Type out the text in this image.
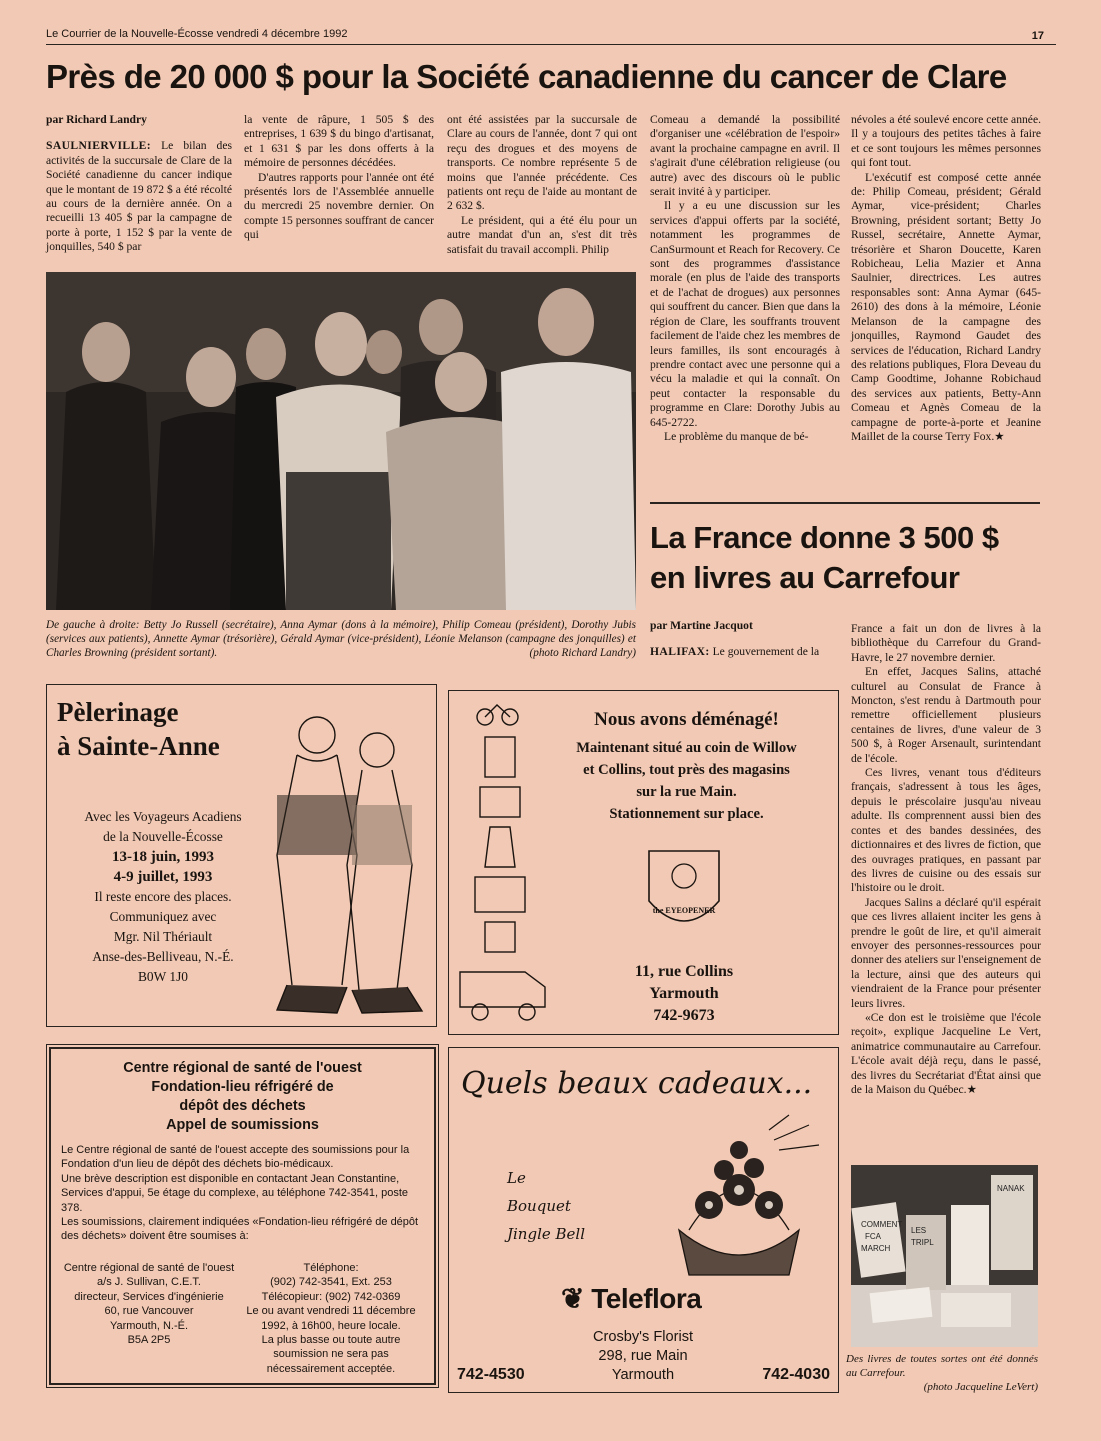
Le Courrier de la Nouvelle-Écosse vendredi 4 décembre 1992	17
Près de 20 000 $ pour la Société canadienne du cancer de Clare

par Richard Landry

SAULNIERVILLE: Le bilan des activités de la succursale de Clare de la Société canadienne du cancer indique que le montant de 19 872 $ a été récolté au cours de la dernière année. On a recueilli 13 405 $ par la campagne de porte à porte, 1 152 $ par la vente de jonquilles, 540 $ par

la vente de râpure, 1 505 $ des entreprises, 1 639 $ du bingo d'artisanat, et 1 631 $ par les dons offerts à la mémoire de personnes décédées.

D'autres rapports pour l'année ont été présentés lors de l'Assemblée annuelle du mercredi 25 novembre dernier. On compte 15 personnes souffrant de cancer qui

ont été assistées par la succursale de Clare au cours de l'année, dont 7 qui ont reçu des drogues et des moyens de transports. Ce nombre représente 5 de moins que l'année précédente. Ces patients ont reçu de l'aide au montant de 2 632 $.

Le président, qui a été élu pour un autre mandat d'un an, s'est dit très satisfait du travail accompli. Philip

Comeau a demandé la possibilité d'organiser une «célébration de l'espoir» avant la prochaine campagne en avril. Il s'agirait d'une célébration religieuse (ou autre) avec des discours où le public serait invité à y participer.

Il y a eu une discussion sur les services d'appui offerts par la société, notamment les programmes de CanSurmount et Reach for Recovery. Ce sont des programmes d'assistance morale (en plus de l'aide des transports et de l'achat de drogues) aux personnes qui souffrent du cancer. Bien que dans la région de Clare, les souffrants trouvent facilement de l'aide chez les membres de leurs familles, ils sont encouragés à prendre contact avec une personne qui a vécu la maladie et qui la connaît. On peut contacter la responsable du programme en Clare: Dorothy Jubis au 645-2722.

Le problème du manque de bé-

névoles a été soulevé encore cette année. Il y a toujours des petites tâches à faire et ce sont toujours les mêmes personnes qui font tout.

L'exécutif est composé cette année de: Philip Comeau, président; Gérald Aymar, vice-président; Charles Browning, président sortant; Betty Jo Russel, secrétaire, Annette Aymar, trésorière et Sharon Doucette, Karen Robicheau, Lelia Mazier et Anna Saulnier, directrices. Les autres responsables sont: Anna Aymar (645-2610) des dons à la mémoire, Léonie Melanson de la campagne des jonquilles, Raymond Gaudet des services de l'éducation, Richard Landry des relations publiques, Flora Deveau du Camp Goodtime, Johanne Robichaud des services aux patients, Betty-Ann Comeau et Agnès Comeau de la campagne de porte-à-porte et Jeanine Maillet de la course Terry Fox.★

De gauche à droite: Betty Jo Russell (secrétaire), Anna Aymar (dons à la mémoire), Philip Comeau (président), Dorothy Jubis (services aux patients), Annette Aymar (trésorière), Gérald Aymar (vice-président), Léonie Melanson (campagne des jonquilles) et Charles Browning (président sortant).	(photo Richard Landry)
La France donne 3 500 $
en livres au Carrefour

par Martine Jacquot

HALIFAX: Le gouvernement de la

France a fait un don de livres à la bibliothèque du Carrefour du Grand-Havre, le 27 novembre dernier.

En effet, Jacques Salins, attaché culturel au Consulat de France à Moncton, s'est rendu à Dartmouth pour remettre officiellement plusieurs centaines de livres, d'une valeur de 3 500 $, à Roger Arsenault, surintendant de l'école.

Ces livres, venant tous d'éditeurs français, s'adressent à tous les âges, depuis le préscolaire jusqu'au niveau adulte. Ils comprennent aussi bien des contes et des bandes dessinées, des dictionnaires et des livres de fiction, que des ouvrages pratiques, en passant par des livres de cuisine ou des essais sur l'histoire ou le droit.

Jacques Salins a déclaré qu'il espérait que ces livres allaient inciter les gens à prendre le goût de lire, et qu'il aimerait envoyer des personnes-ressources pour donner des ateliers sur l'enseignement de la lecture, ainsi que des auteurs qui viendraient de la France pour présenter leurs livres.

«Ce don est le troisième que l'école reçoit», explique Jacqueline Le Vert, animatrice communautaire au Carrefour. L'école avait déjà reçu, dans le passé, des livres du Secrétariat d'État ainsi que de la Maison du Québec.★

COMMENT
FCA
MARCH
LES
TRIPL
NANAK
Des livres de toutes sortes ont été donnés au Carrefour.
(photo Jacqueline LeVert)
Pèlerinage
à Sainte-Anne
Avec les Voyageurs Acadiens
de la Nouvelle-Écosse
13-18 juin, 1993
4-9 juillet, 1993
Il reste encore des places.
Communiquez avec
Mgr. Nil Thériault
Anse-des-Belliveau, N.-É.
B0W 1J0
Nous avons déménagé!
Maintenant situé au coin de Willow
et Collins, tout près des magasins
sur la rue Main.
Stationnement sur place.
the EYEOPENER
11, rue Collins
Yarmouth
742-9673
Centre régional de santé de l'ouest
Fondation-lieu réfrigéré de
dépôt des déchets
Appel de soumissions
Le Centre régional de santé de l'ouest accepte des soumissions pour la Fondation d'un lieu de dépôt des déchets bio-médicaux.
Une brève description est disponible en contactant Jean Constantine, Services d'appui, 5e étage du complexe, au téléphone 742-3541, poste 378.
Les soumissions, clairement indiquées «Fondation-lieu réfrigéré de dépôt des déchets» doivent être soumises à:
Centre régional de santé de l'ouest
a/s J. Sullivan, C.E.T.
directeur, Services d'ingénierie
60, rue Vancouver
Yarmouth, N.-É.
B5A 2P5
Téléphone:
(902) 742-3541, Ext. 253
Télécopieur: (902) 742-0369
Le ou avant vendredi 11 décembre
1992, à 16h00, heure locale.
La plus basse ou toute autre
soumission ne sera pas
nécessairement acceptée.
Quels beaux cadeaux...
Le
Bouquet
Jingle Bell
❦ Teleflora
Crosby's Florist
298, rue Main
Yarmouth
742-4530	742-4030
